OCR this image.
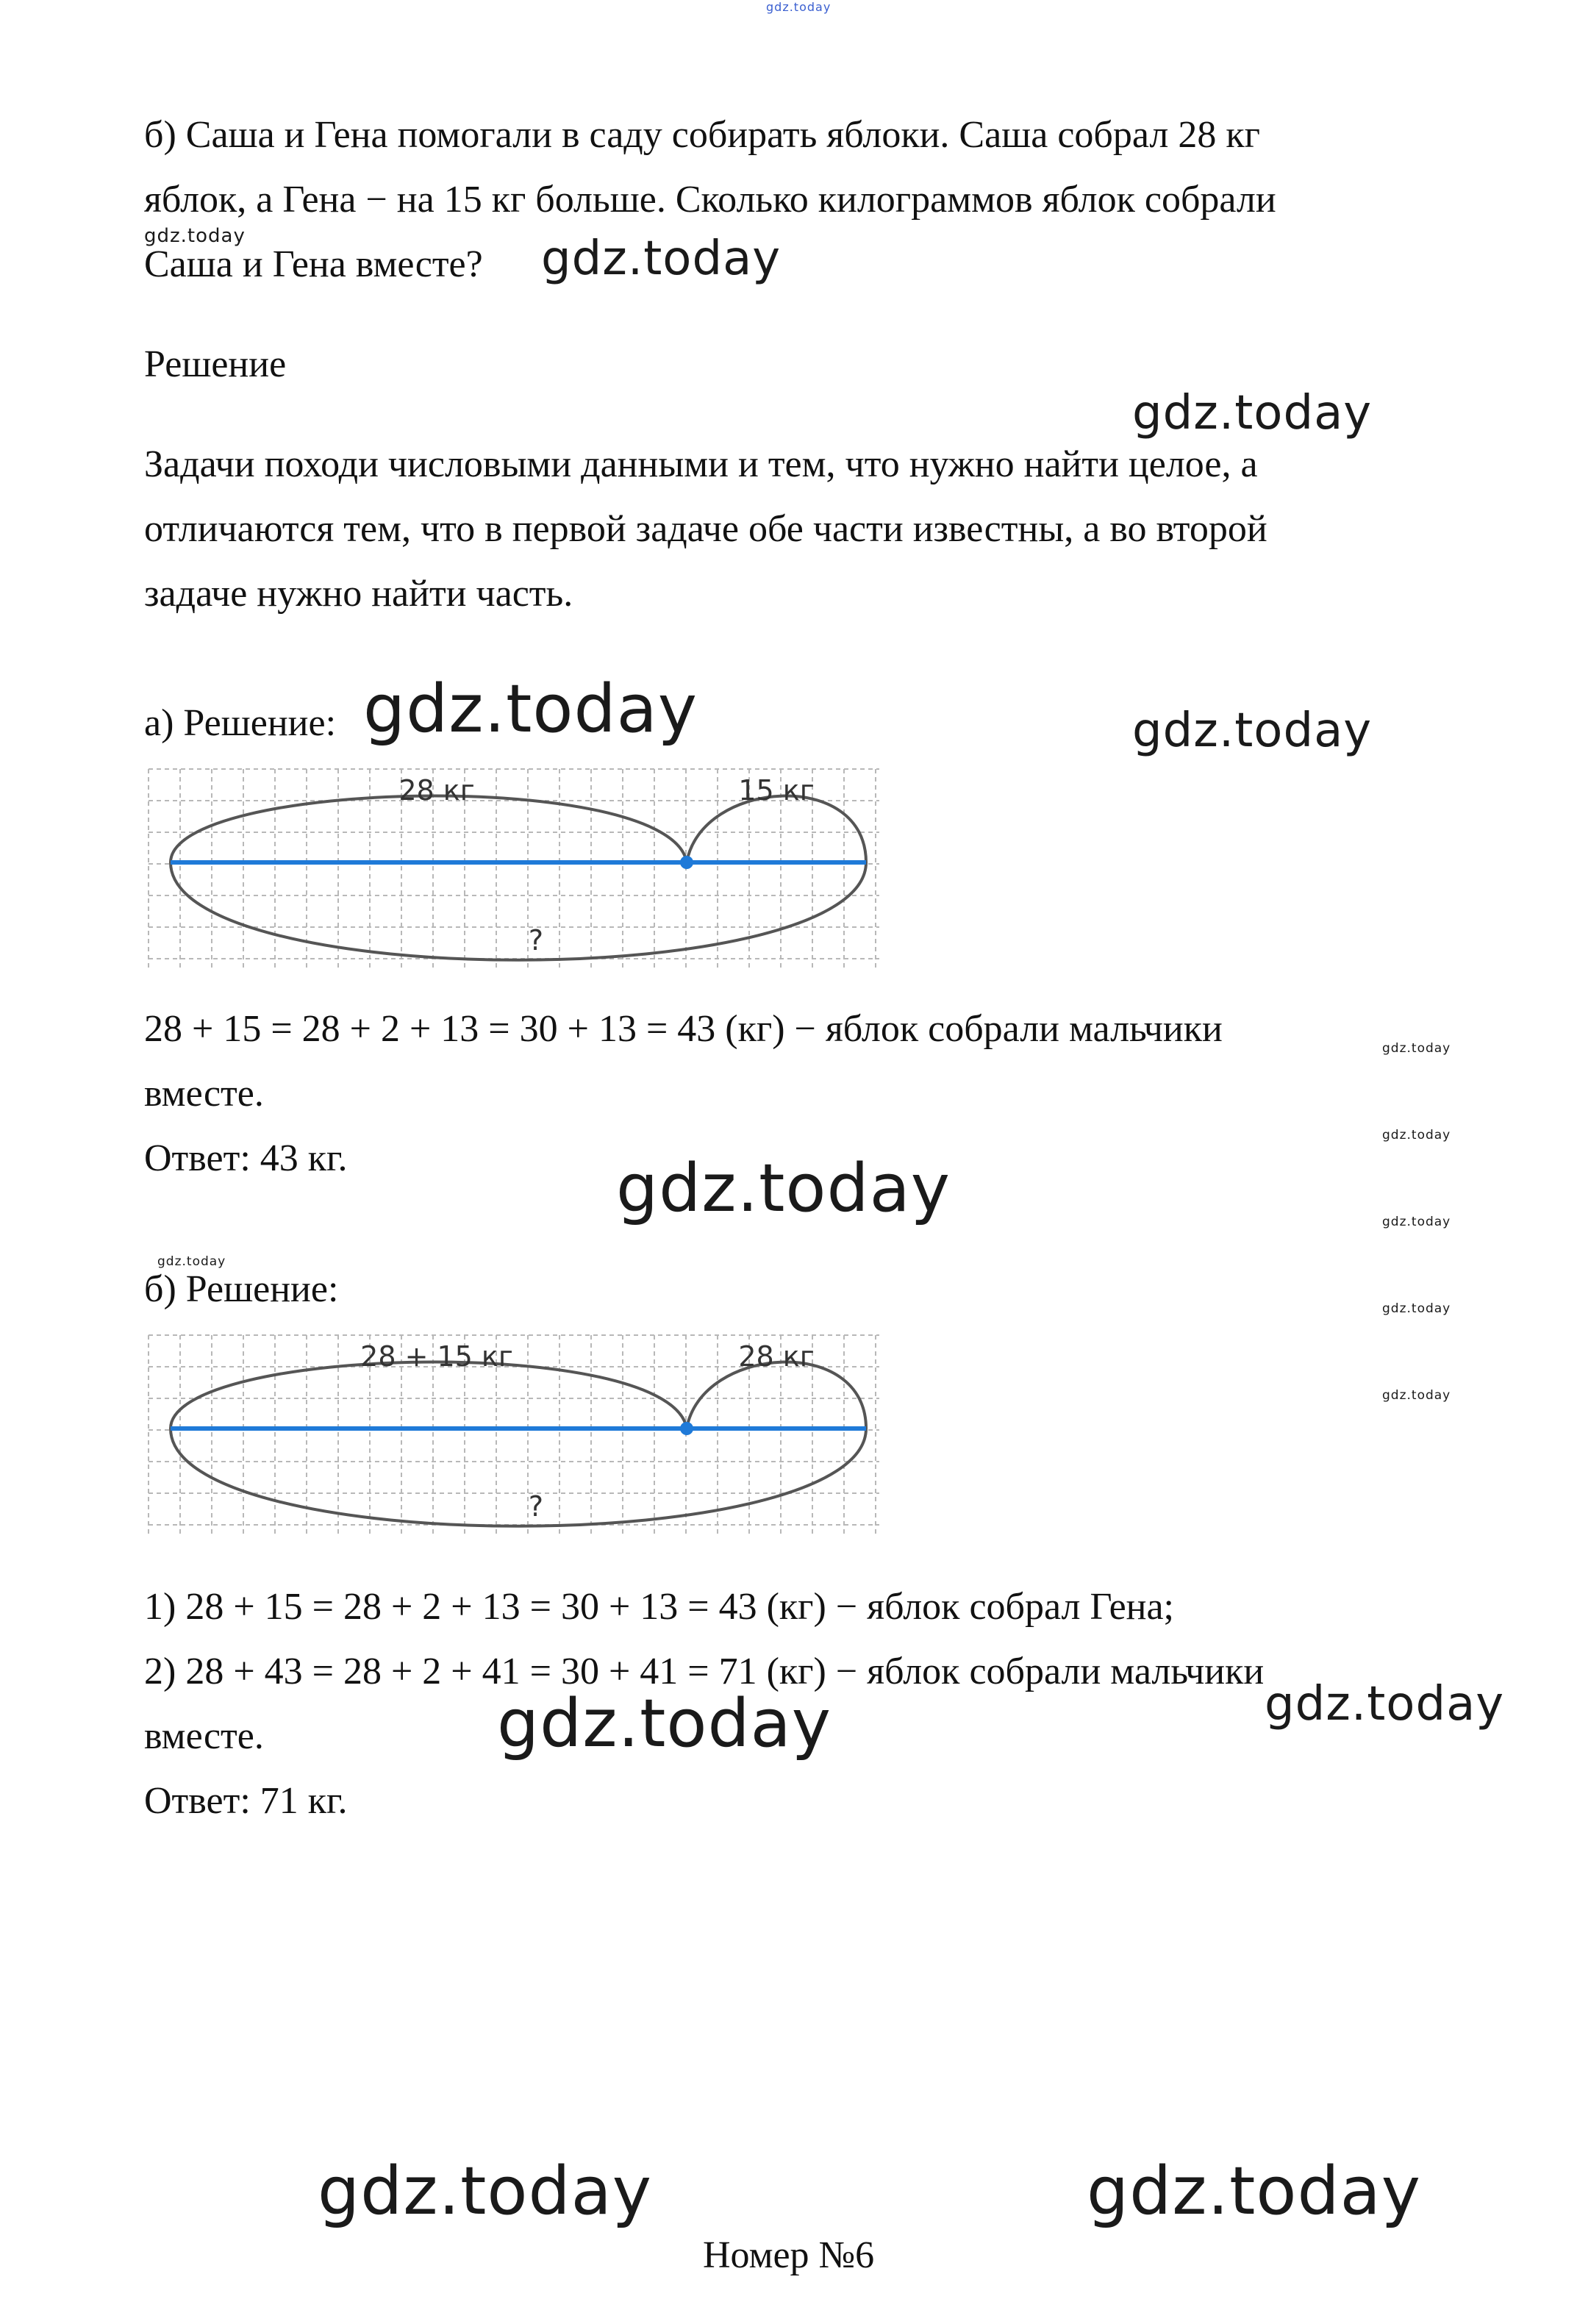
gdz.today

б) Саша и Гена помогали в саду собирать яблоки. Саша собрал 28 кг

яблок, а Гена − на 15 кг больше. Сколько килограммов яблок собрали

Саша и Гена вместе?

gdz.today	gdz.today

Решение

gdz.today

Задачи походи числовыми данными и тем, что нужно найти целое, а

отличаются тем, что в первой задаче обе части известны, а во второй

задаче нужно найти часть.

а) Решение: gdz.today	gdz.today
28 кг	15 кг
?

28 + 15 = 28 + 2 + 13 = 30 + 13 = 43 (кг) − яблок собрали мальчики	gdz.today

вместе.

gdz.today

Ответ: 43 кг.	gdz.today	gdz.today
gdz.today

б) Решение:	gdz.today
gdz.today
28 + 15 кг	28 кг
?

1) 28 + 15 = 28 + 2 + 13 = 30 + 13 = 43 (кг) − яблок собрал Гена;

2) 28 + 43 = 28 + 2 + 41 = 30 + 41 = 71 (кг) − яблок собрали мальчики

gdz.today

вместе.	gdz.today

Ответ: 71 кг.

gdz.today	gdz.today

Номер №6
